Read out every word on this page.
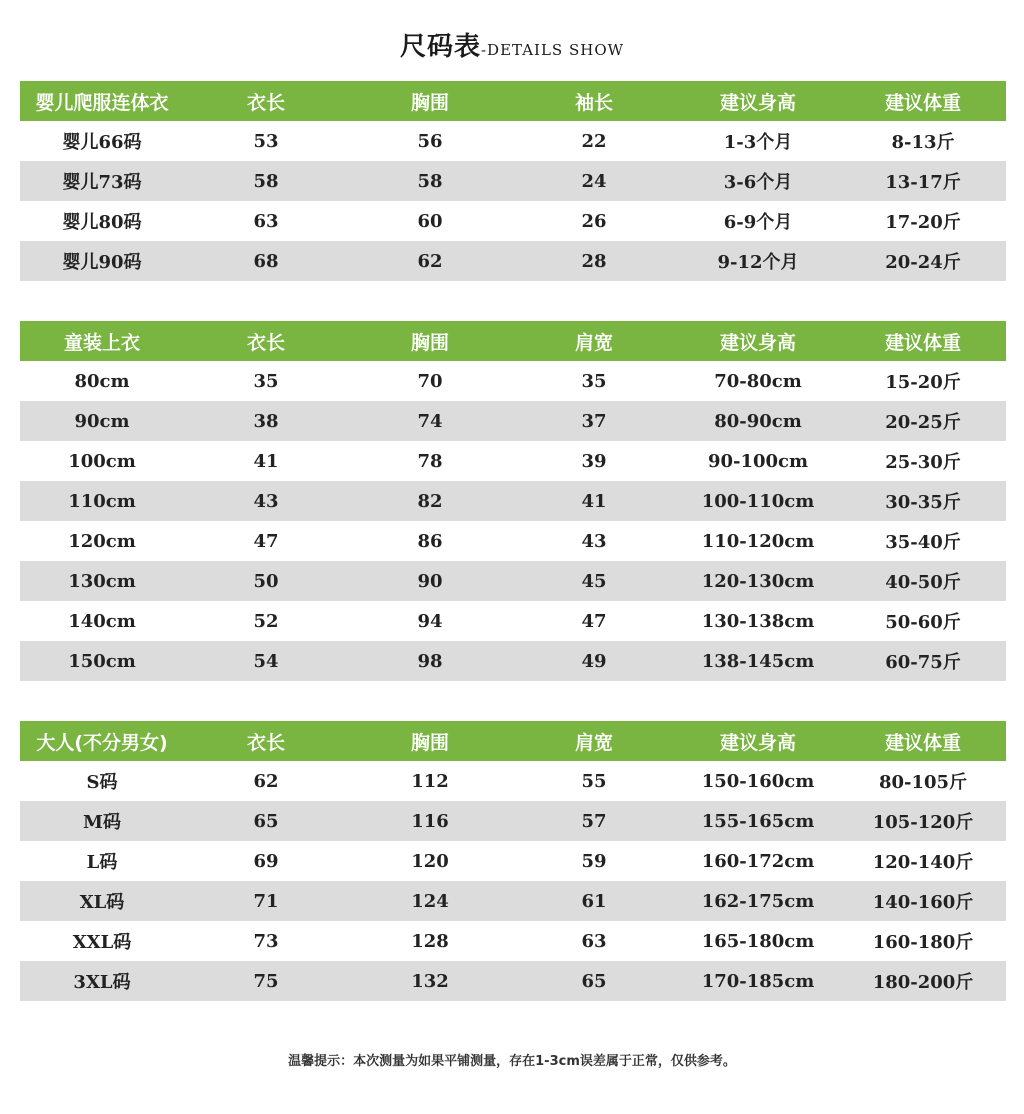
尺码表-DETAILS SHOW
婴儿爬服连体衣	衣长	胸围	袖长	建议身高	建议体重
婴儿66码	53	56	22	1-3个月	8-13斤
婴儿73码	58	58	24	3-6个月	13-17斤
婴儿80码	63	60	26	6-9个月	17-20斤
婴儿90码	68	62	28	9-12个月	20-24斤
童装上衣	衣长	胸围	肩宽	建议身高	建议体重
80cm	35	70	35	70-80cm	15-20斤
90cm	38	74	37	80-90cm	20-25斤
100cm	41	78	39	90-100cm	25-30斤
110cm	43	82	41	100-110cm	30-35斤
120cm	47	86	43	110-120cm	35-40斤
130cm	50	90	45	120-130cm	40-50斤
140cm	52	94	47	130-138cm	50-60斤
150cm	54	98	49	138-145cm	60-75斤
大人(不分男女)	衣长	胸围	肩宽	建议身高	建议体重
S码	62	112	55	150-160cm	80-105斤
M码	65	116	57	155-165cm	105-120斤
L码	69	120	59	160-172cm	120-140斤
XL码	71	124	61	162-175cm	140-160斤
XXL码	73	128	63	165-180cm	160-180斤
3XL码	75	132	65	170-185cm	180-200斤
温馨提示：本次测量为如果平铺测量，存在1-3cm误差属于正常，仅供参考。
